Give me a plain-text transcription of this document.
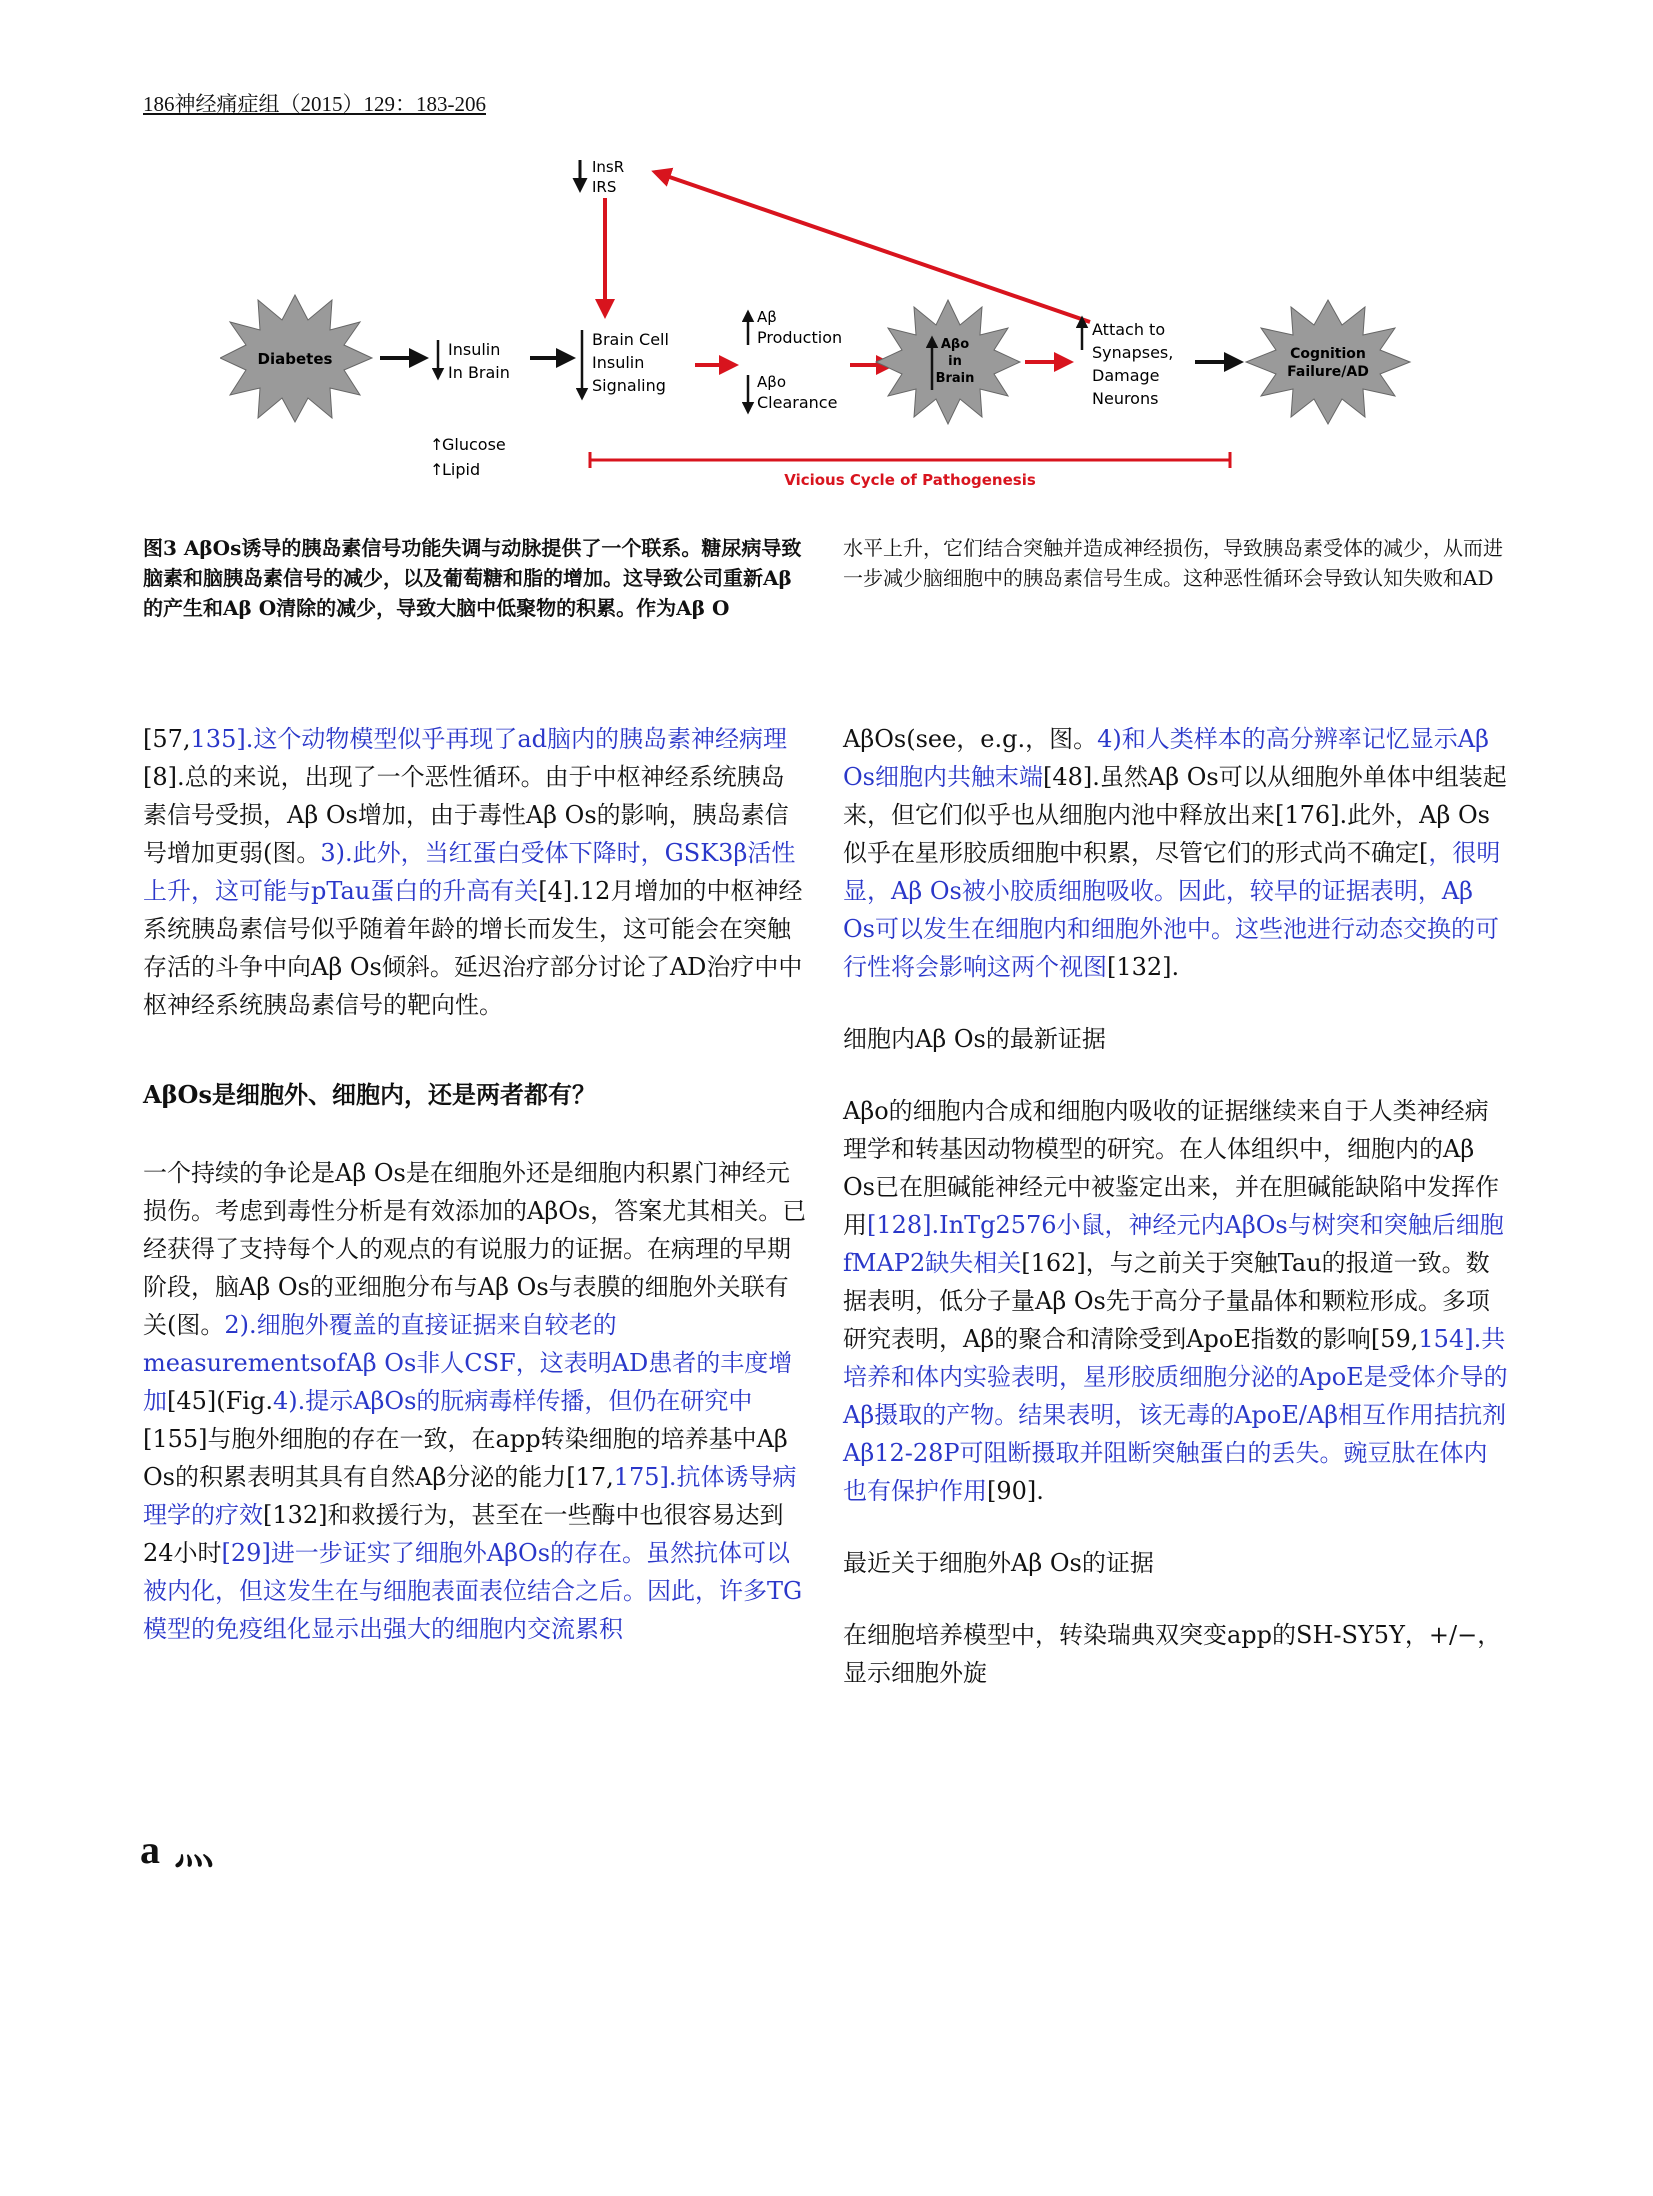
186神经痛症组（2015）129：183-206
InsR
IRS
Diabetes	Insulin
In Brain
Brain Cell
Insulin
Signaling
Aβ
Production
Aβo
Clearance
Aβo
in
Brain
Attach to
Synapses,
Damage
Neurons
Cognition
Failure/AD
↑
Glucose
↑
Lipid
Vicious Cycle of Pathogenesis
图3 AβOs诱导的胰岛素信号功能失调与动脉提供了一个联系。糖尿病导致脑素和脑胰岛素信号的减少，以及葡萄糖和脂的增加。这导致公司重新Aβ的产生和Aβ O清除的减少，导致大脑中低聚物的积累。作为Aβ O
水平上升，它们结合突触并造成神经损伤，导致胰岛素受体的减少，从而进一步减少脑细胞中的胰岛素信号生成。这种恶性循环会导致认知失败和AD

[57,135].这个动物模型似乎再现了ad脑内的胰岛素神经病理[8].总的来说，出现了一个恶性循环。由于中枢神经系统胰岛素信号受损，Aβ Os增加，由于毒性Aβ Os的影响，胰岛素信号增加更弱(图。3).此外，当红蛋白受体下降时，GSK3β活性上升，这可能与pTau蛋白的升高有关[4].12月增加的中枢神经系统胰岛素信号似乎随着年龄的增长而发生，这可能会在突触存活的斗争中向Aβ Os倾斜。延迟治疗部分讨论了AD治疗中中枢神经系统胰岛素信号的靶向性。

AβOs是细胞外、细胞内，还是两者都有？

一个持续的争论是Aβ Os是在细胞外还是细胞内积累门神经元损伤。考虑到毒性分析是有效添加的AβOs，答案尤其相关。已经获得了支持每个人的观点的有说服力的证据。在病理的早期阶段，脑Aβ Os的亚细胞分布与Aβ Os与表膜的细胞外关联有关(图。2).细胞外覆盖的直接证据来自较老的measurementsofAβ Os非人CSF，这表明AD患者的丰度增加[45](Fig.4).提示AβOs的朊病毒样传播，但仍在研究中[155]与胞外细胞的存在一致，在app转染细胞的培养基中Aβ Os的积累表明其具有自然Aβ分泌的能力[17,175].抗体诱导病理学的疗效[132]和救援行为，甚至在一些酶中也很容易达到24小时[29]进一步证实了细胞外AβOs的存在。虽然抗体可以被内化，但这发生在与细胞表面表位结合之后。因此，许多TG模型的免疫组化显示出强大的细胞内交流累积

AβOs(see，e.g.，图。4)和人类样本的高分辨率记忆显示Aβ Os细胞内共触末端[48].虽然Aβ Os可以从细胞外单体中组装起来，但它们似乎也从细胞内池中释放出来[176].此外，Aβ Os似乎在星形胶质细胞中积累，尽管它们的形式尚不确定[，很明显，Aβ Os被小胶质细胞吸收。因此，较早的证据表明，Aβ Os可以发生在细胞内和细胞外池中。这些池进行动态交换的可行性将会影响这两个视图[132].

细胞内Aβ Os的最新证据

Aβo的细胞内合成和细胞内吸收的证据继续来自于人类神经病理学和转基因动物模型的研究。在人体组织中，细胞内的Aβ Os已在胆碱能神经元中被鉴定出来，并在胆碱能缺陷中发挥作用[128].InTg2576小鼠，神经元内AβOs与树突和突触后细胞fMAP2缺失相关[162]，与之前关于突触Tau的报道一致。数据表明，低分子量Aβ Os先于高分子量晶体和颗粒形成。多项研究表明，Aβ的聚合和清除受到ApoE指数的影响[59,154].共培养和体内实验表明，星形胶质细胞分泌的ApoE是受体介导的Aβ摄取的产物。结果表明，该无毒的ApoE/Aβ相互作用拮抗剂Aβ12-28P可阻断摄取并阻断突触蛋白的丢失。豌豆肽在体内也有保护作用[90].

最近关于细胞外Aβ Os的证据

在细胞培养模型中，转染瑞典双突变app的SH-SY5Y，+/−，显示细胞外旋

a 灬
